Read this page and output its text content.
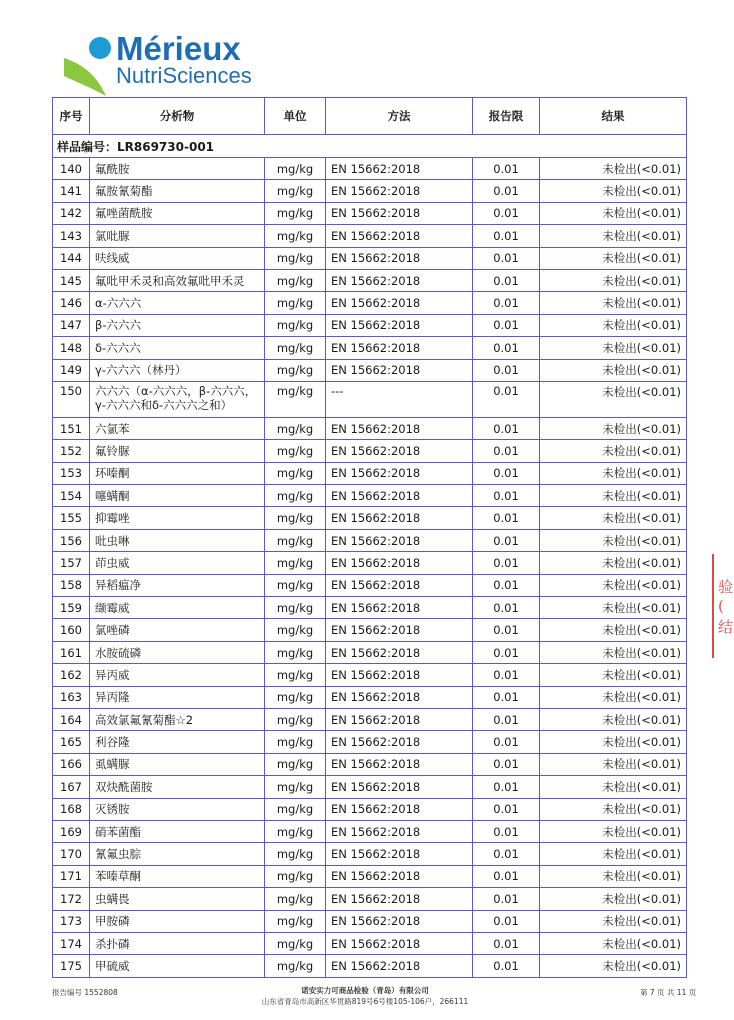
Mérieux
NutriSciences
序号	分析物	单位	方法	报告限	结果
样品编号：LR869730-001					
140	氟酰胺	mg/kg	EN 15662:2018	0.01	未检出(<0.01)
141	氟胺氰菊酯	mg/kg	EN 15662:2018	0.01	未检出(<0.01)
142	氟唑菌酰胺	mg/kg	EN 15662:2018	0.01	未检出(<0.01)
143	氯吡脲	mg/kg	EN 15662:2018	0.01	未检出(<0.01)
144	呋线威	mg/kg	EN 15662:2018	0.01	未检出(<0.01)
145	氟吡甲禾灵和高效氟吡甲禾灵	mg/kg	EN 15662:2018	0.01	未检出(<0.01)
146	α-六六六	mg/kg	EN 15662:2018	0.01	未检出(<0.01)
147	β-六六六	mg/kg	EN 15662:2018	0.01	未检出(<0.01)
148	δ-六六六	mg/kg	EN 15662:2018	0.01	未检出(<0.01)
149	γ-六六六（林丹）	mg/kg	EN 15662:2018	0.01	未检出(<0.01)
150	六六六（α-六六六，β-六六六，γ-六六六和δ-六六六之和）	mg/kg	---	0.01	未检出(<0.01)
151	六氯苯	mg/kg	EN 15662:2018	0.01	未检出(<0.01)
152	氟铃脲	mg/kg	EN 15662:2018	0.01	未检出(<0.01)
153	环嗪酮	mg/kg	EN 15662:2018	0.01	未检出(<0.01)
154	噻螨酮	mg/kg	EN 15662:2018	0.01	未检出(<0.01)
155	抑霉唑	mg/kg	EN 15662:2018	0.01	未检出(<0.01)
156	吡虫啉	mg/kg	EN 15662:2018	0.01	未检出(<0.01)
157	茚虫威	mg/kg	EN 15662:2018	0.01	未检出(<0.01)
158	异稻瘟净	mg/kg	EN 15662:2018	0.01	未检出(<0.01)
159	缬霉威	mg/kg	EN 15662:2018	0.01	未检出(<0.01)
160	氯唑磷	mg/kg	EN 15662:2018	0.01	未检出(<0.01)
161	水胺硫磷	mg/kg	EN 15662:2018	0.01	未检出(<0.01)
162	异丙威	mg/kg	EN 15662:2018	0.01	未检出(<0.01)
163	异丙隆	mg/kg	EN 15662:2018	0.01	未检出(<0.01)
164	高效氯氟氰菊酯☆2	mg/kg	EN 15662:2018	0.01	未检出(<0.01)
165	利谷隆	mg/kg	EN 15662:2018	0.01	未检出(<0.01)
166	虱螨脲	mg/kg	EN 15662:2018	0.01	未检出(<0.01)
167	双炔酰菌胺	mg/kg	EN 15662:2018	0.01	未检出(<0.01)
168	灭锈胺	mg/kg	EN 15662:2018	0.01	未检出(<0.01)
169	硝苯菌酯	mg/kg	EN 15662:2018	0.01	未检出(<0.01)
170	氰氟虫腙	mg/kg	EN 15662:2018	0.01	未检出(<0.01)
171	苯嗪草酮	mg/kg	EN 15662:2018	0.01	未检出(<0.01)
172	虫螨畏	mg/kg	EN 15662:2018	0.01	未检出(<0.01)
173	甲胺磷	mg/kg	EN 15662:2018	0.01	未检出(<0.01)
174	杀扑磷	mg/kg	EN 15662:2018	0.01	未检出(<0.01)
175	甲硫威	mg/kg	EN 15662:2018	0.01	未检出(<0.01)
验(
结
报告编号 1552808	诺安实力可商品检验（青岛）有限公司
山东省青岛市高新区华贯路819号6号楼105-106户，266111
第 7 页 共 11 页
